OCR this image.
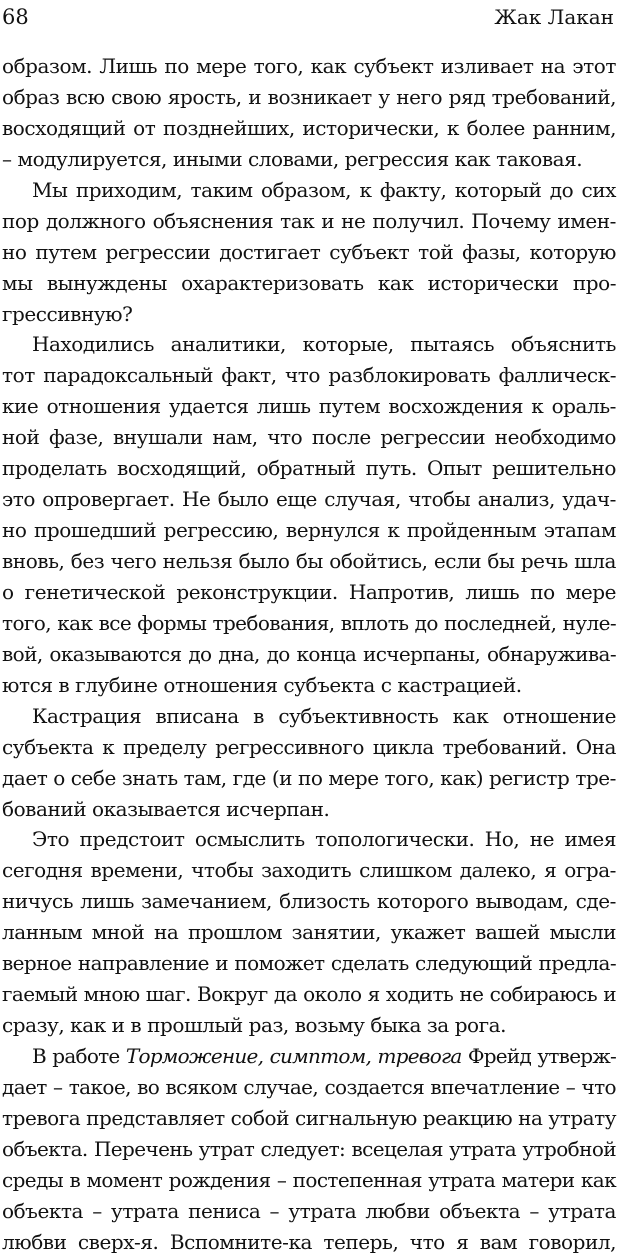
68	Жак Лакан
образом. Лишь по мере того, как субъект изливает на этот
образ всю свою ярость, и возникает у него ряд требований,
восходящий от позднейших, исторически, к более ранним,
– модулируется, иными словами, регрессия как таковая.
Мы приходим, таким образом, к факту, который до сих
пор должного объяснения так и не получил. Почему имен-
но путем регрессии достигает субъект той фазы, которую
мы вынуждены охарактеризовать как исторически про-
грессивную?
Находились аналитики, которые, пытаясь объяснить
тот парадоксальный факт, что разблокировать фаллическ-
кие отношения удается лишь путем восхождения к ораль-
ной фазе, внушали нам, что после регрессии необходимо
проделать восходящий, обратный путь. Опыт решительно
это опровергает. Не было еще случая, чтобы анализ, удач-
но прошедший регрессию, вернулся к пройденным этапам
вновь, без чего нельзя было бы обойтись, если бы речь шла
о генетической реконструкции. Напротив, лишь по мере
того, как все формы требования, вплоть до последней, нуле-
вой, оказываются до дна, до конца исчерпаны, обнаружива-
ются в глубине отношения субъекта с кастрацией.
Кастрация вписана в субъективность как отношение
субъекта к пределу регрессивного цикла требований. Она
дает о себе знать там, где (и по мере того, как) регистр тре-
бований оказывается исчерпан.
Это предстоит осмыслить топологически. Но, не имея
сегодня времени, чтобы заходить слишком далеко, я огра-
ничусь лишь замечанием, близость которого выводам, сде-
ланным мной на прошлом занятии, укажет вашей мысли
верное направление и поможет сделать следующий предла-
гаемый мною шаг. Вокруг да около я ходить не собираюсь и
сразу, как и в прошлый раз, возьму быка за рога.
В работе Торможение, симптом, тревога Фрейд утверж-
дает – такое, во всяком случае, создается впечатление – что
тревога представляет собой сигнальную реакцию на утрату
объекта. Перечень утрат следует: всецелая утрата утробной
среды в момент рождения – постепенная утрата матери как
объекта – утрата пениса – утрата любви объекта – утрата
любви сверх-я. Вспомните-ка теперь, что я вам говорил,
